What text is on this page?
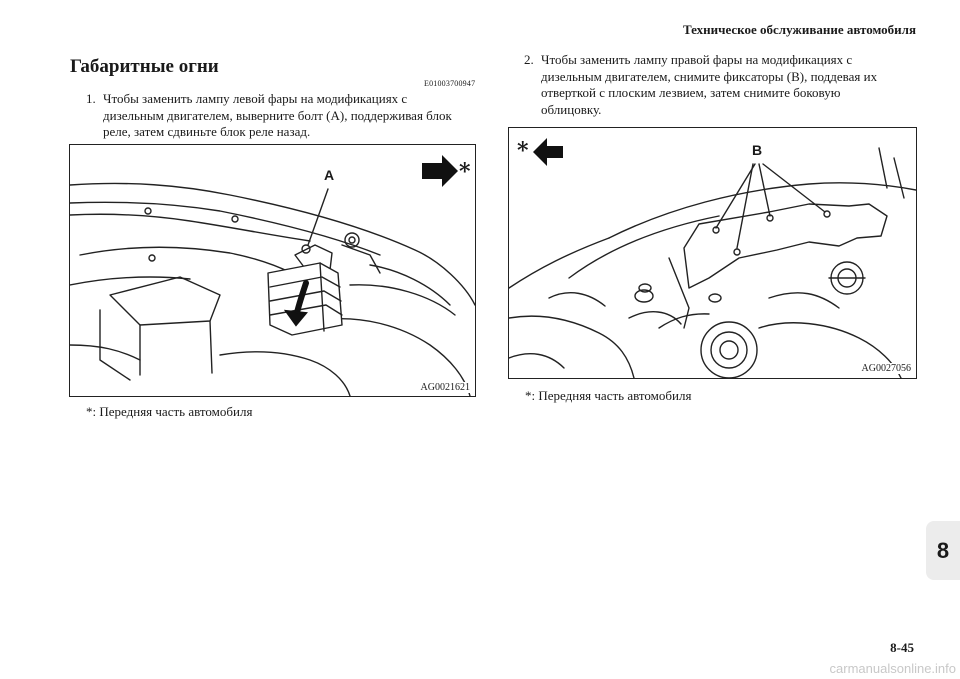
Техническое обслуживание автомобиля
Габаритные огни
E01003700947
1. Чтобы заменить лампу левой фары на модификациях с дизельным двигателем, выверните болт (A), поддерживая блок реле, затем сдвиньте блок реле назад.
A	*
AG0021621
*: Передняя часть автомобиля
2. Чтобы заменить лампу правой фары на модификациях с дизельным двигателем, снимите фиксаторы (B), поддевая их отверткой с плоским лезвием, затем снимите боковую облицовку.
B
*
AG0027056
*: Передняя часть автомобиля
8
8-45
carmanualsonline.info
